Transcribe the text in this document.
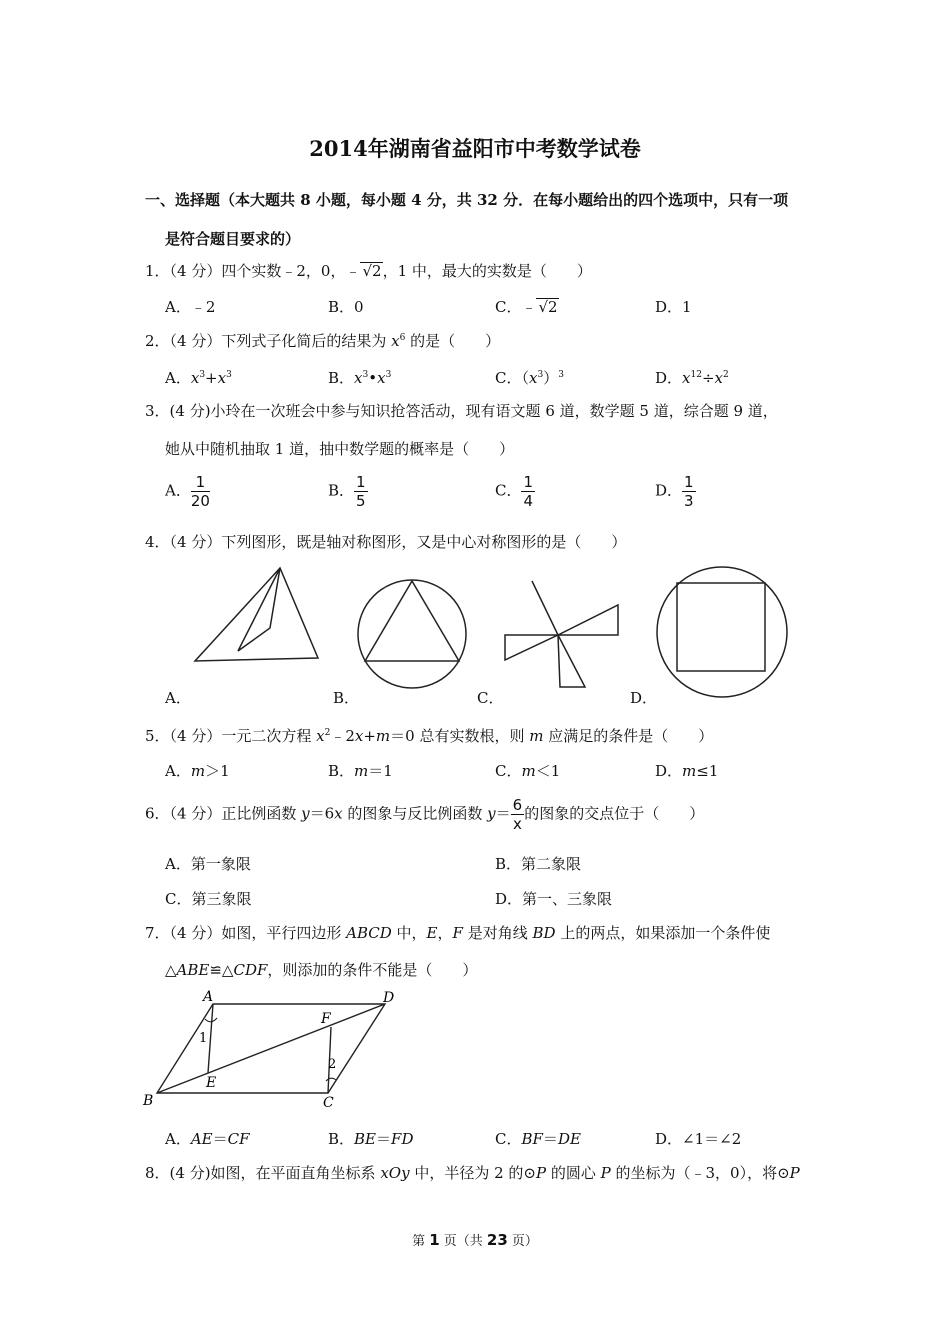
2014年湖南省益阳市中考数学试卷
一、选择题（本大题共 8 小题，每小题 4 分，共 32 分．在每小题给出的四个选项中，只有一项
是符合题目要求的）
1．（4 分）四个实数﹣2，0，﹣ √2，1 中，最大的实数是（　　）
A．﹣2	B．0	C．﹣ √2	D．1
2．（4 分）下列式子化简后的结果为 $x^6$ 的是（　　）
A．$x^3+x^3$	B．$x^3•x^3$	C．$(x^3)^3$	D．$x^{12}\div x^2$
3．(4 分)小玲在一次班会中参与知识抢答活动，现有语文题 6 道，数学题 5 道，综合题 9 道，
她从中随机抽取 1 道，抽中数学题的概率是（　　）
A． $\frac{1}{20}$	B． $\frac{1}{5}$	C． $\frac{1}{4}$	D． $\frac{1}{3}$
4．（4 分）下列图形，既是轴对称图形，又是中心对称图形的是（　　）
A．	B．	C．	D．
5．（4 分）一元二次方程 $x^2﹣2x+m=0$ 总有实数根，则 m 应满足的条件是（　　）
A．m＞1	B．m＝1	C．m＜1	D．m≤1
6．（4 分）正比例函数 y＝6x 的图象与反比例函数 $y= \frac{6}{x}$ 的图象的交点位于（　　）
A．第一象限	B．第二象限
C．第三象限	D．第一、三象限
7．（4 分）如图，平行四边形 ABCD 中，E，F 是对角线 BD 上的两点，如果添加一个条件使
△ABE≌△CDF，则添加的条件不能是（　　）
A	D
B	C
E
F
1
2
A．AE＝CF	B．BE＝FD	C．BF＝DE	D．∠1＝∠2
8．(4 分)如图，在平面直角坐标系 xOy 中，半径为 2 的⊙P 的圆心 P 的坐标为（﹣3，0），将⊙P
第 1 页（共 23 页）
